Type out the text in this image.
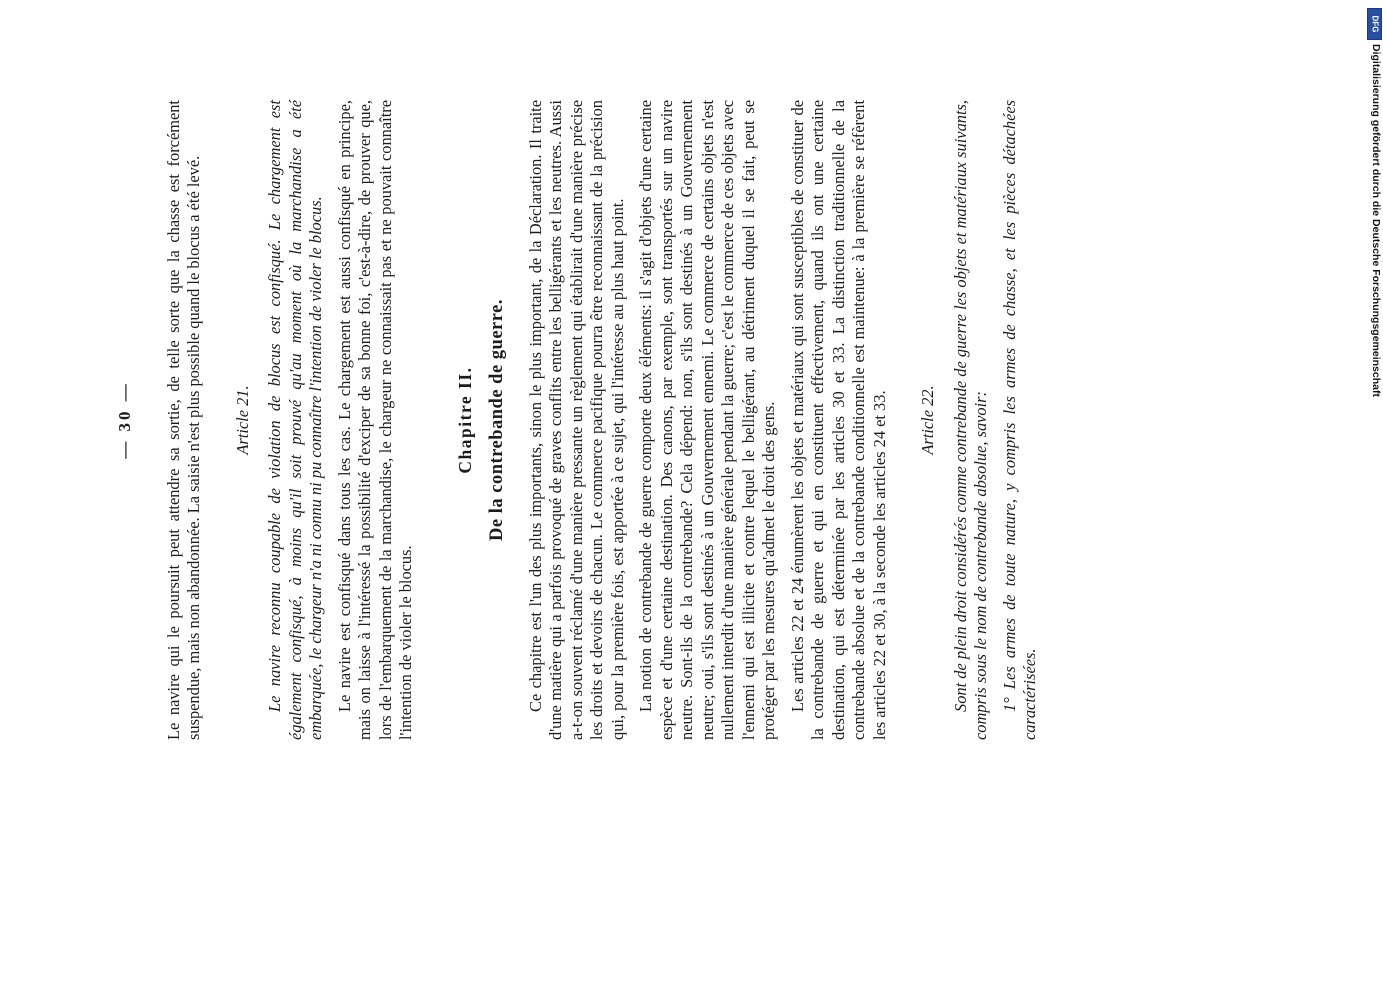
— 30 — Le navire qui le poursuit peut attendre sa sortie, de telle sorte que la chasse est forcément suspendue, mais non abandonnée. La saisie n'est plus possible quand le blocus a été levé. Article 21. Le navire reconnu coupable de violation de blocus est confisqué. Le chargement est également confisqué, à moins qu'il soit prouvé qu'au moment où la marchandise a été embarquée, le chargeur n'a ni connu ni pu connaître l'intention de violer le blocus. Le navire est confisqué dans tous les cas. Le chargement est aussi confisqué en principe, mais on laisse à l'intéressé la possibilité d'exciper de sa bonne foi, c'est-à-dire, de prouver que, lors de l'embarquement de la marchandise, le chargeur ne connaissait pas et ne pouvait connaître l'intention de violer le blocus.

Chapitre II. De la contrebande de guerre. Ce chapitre est l'un des plus importants, sinon le plus important, de la Déclaration. Il traite d'une matière qui a parfois provoqué de graves conflits entre les belligérants et les neutres. Aussi a-t-on souvent réclamé d'une manière pressante un règlement qui établirait d'une manière précise les droits et devoirs de chacun. Le commerce pacifique pourra être reconnaissant de la précision qui, pour la première fois, est apportée à ce sujet, qui l'intéresse au plus haut point. La notion de contrebande de guerre comporte deux éléments: il s'agit d'objets d'une certaine espèce et d'une certaine destination. Des canons, par exemple, sont transportés sur un navire neutre. Sont-ils de la contrebande? Cela dépend: non, s'ils sont destinés à un Gouvernement neutre; oui, s'ils sont destinés à un Gouvernement ennemi. Le commerce de certains objets n'est nullement interdit d'une manière générale pendant la guerre; c'est le commerce de ces objets avec l'ennemi qui est illicite et contre lequel le belligérant, au détriment duquel il se fait, peut se protéger par les mesures qu'admet le droit des gens. Les articles 22 et 24 énumèrent les objets et matériaux qui sont susceptibles de constituer de la contrebande de guerre et qui en constituent effectivement, quand ils ont une certaine destination, qui est déterminée par les articles 30 et 33. La distinction traditionnelle de la contrebande absolue et de la contrebande conditionnelle est maintenue: à la première se réfèrent les articles 22 et 30, à la seconde les articles 24 et 33. Article 22. Sont de plein droit considérés comme contrebande de guerre les objets et matériaux suivants, compris sous le nom de contrebande absolue, savoir: 1° Les armes de toute nature, y compris les armes de chasse, et les pièces détachées caractérisées.

DFG
Digitalisierung gefördert durch die Deutsche Forschungsgemeinschaft
